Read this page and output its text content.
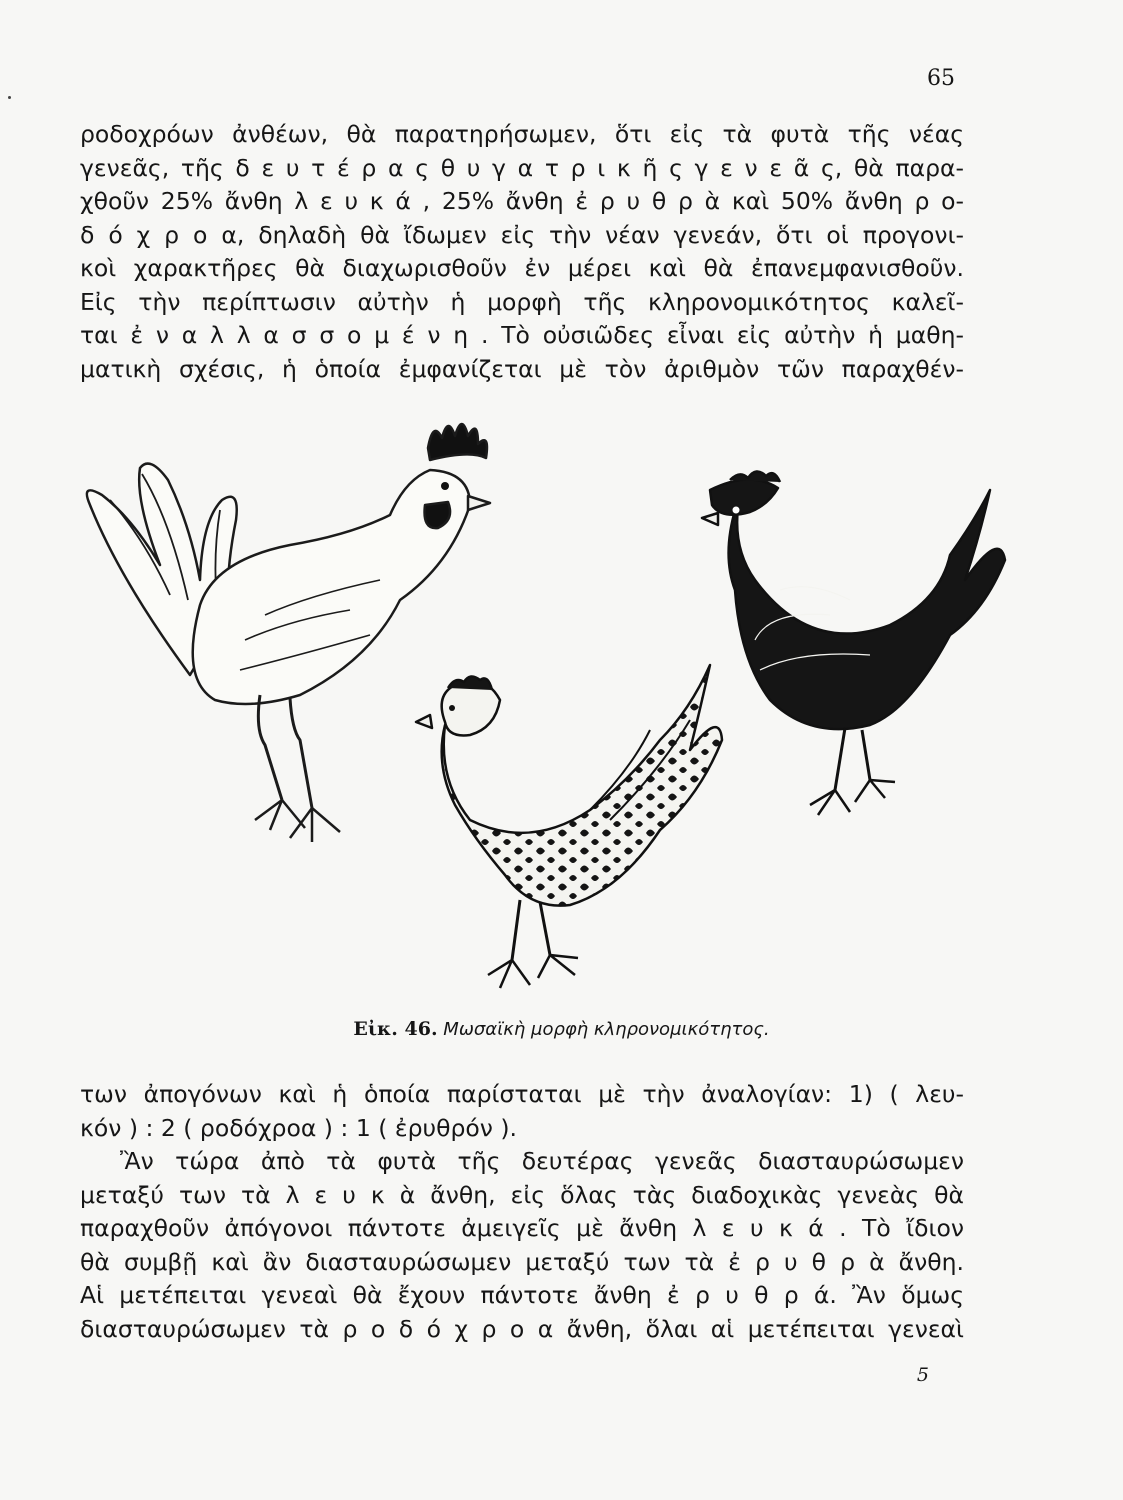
65
ροδοχρόων ἀνθέων, θὰ παρατηρήσωμεν, ὅτι εἰς τὰ φυτὰ τῆς νέας
γενεᾶς, τῆς δ ε υ τ έ ρ α ς θ υ γ α τ ρ ι κ ῆ ς γ ε ν ε ᾶ ς, θὰ παρα-
χθοῦν 25% ἄνθη λ ε υ κ ά , 25% ἄνθη ἐ ρ υ θ ρ ὰ καὶ 50% ἄνθη ρ ο-
δ ό χ ρ ο α, δηλαδὴ θὰ ἴδωμεν εἰς τὴν νέαν γενεάν, ὅτι οἱ προγονι-
κοὶ χαρακτῆρες θὰ διαχωρισθοῦν ἐν μέρει καὶ θὰ ἐπανεμφανισθοῦν.
Εἰς τὴν περίπτωσιν αὐτὴν ἡ μορφὴ τῆς κληρονομικότητος καλεῖ-
ται ἐ ν α λ λ α σ σ ο μ έ ν η . Τὸ οὐσιῶδες εἶναι εἰς αὐτὴν ἡ μαθη-
ματικὴ σχέσις, ἡ ὁποία ἐμφανίζεται μὲ τὸν ἀριθμὸν τῶν παραχθέν-
Εἰκ. 46. Μωσαϊκὴ μορφὴ κληρονομικότητος.
των ἀπογόνων καὶ ἡ ὁποία παρίσταται μὲ τὴν ἀναλογίαν: 1) ( λευ-
κόν ) : 2 ( ροδόχροα ) : 1 ( ἐρυθρόν ).
Ἂν τώρα ἀπὸ τὰ φυτὰ τῆς δευτέρας γενεᾶς διασταυρώσωμεν
μεταξύ των τὰ λ ε υ κ ὰ ἄνθη, εἰς ὅλας τὰς διαδοχικὰς γενεὰς θὰ
παραχθοῦν ἀπόγονοι πάντοτε ἀμειγεῖς μὲ ἄνθη λ ε υ κ ά . Τὸ ἴδιον
θὰ συμβῇ καὶ ἂν διασταυρώσωμεν μεταξύ των τὰ ἐ ρ υ θ ρ ὰ ἄνθη.
Αἱ μετέπειται γενεαὶ θὰ ἔχουν πάντοτε ἄνθη ἐ ρ υ θ ρ ά. Ἂν ὅμως
διασταυρώσωμεν τὰ ρ ο δ ό χ ρ ο α ἄνθη, ὅλαι αἱ μετέπειται γενεαὶ
5
